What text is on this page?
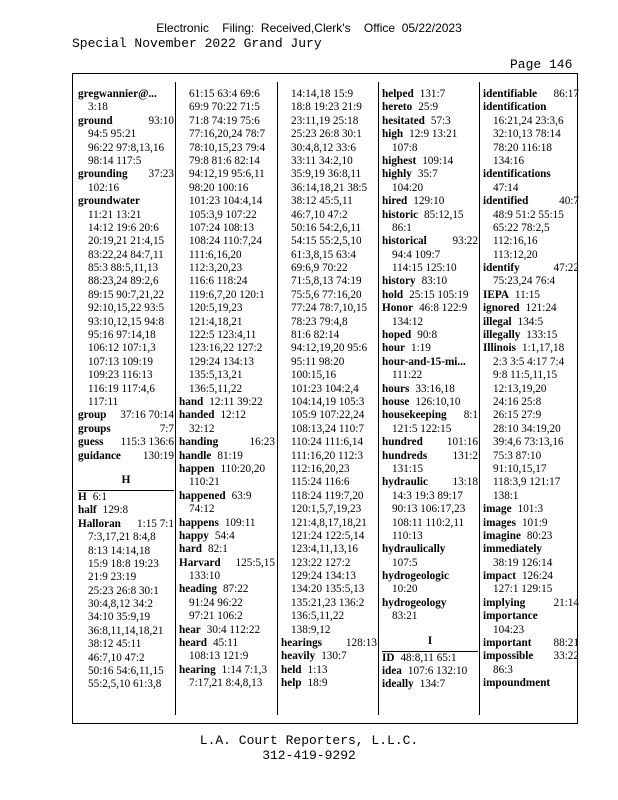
Electronic    Filing:  Received,Clerk's    Office  05/22/2023
Special November 2022 Grand Jury
Page 146
gregwannier@...
3:18
ground	93:10
94:5 95:21
96:22 97:8,13,16
98:14 117:5
grounding 37:23
102:16
groundwater
11:21 13:21
14:12 19:6 20:6
20:19,21 21:4,15
83:22,24 84:7,11
85:3 88:5,11,13
88:23,24 89:2,6
89:15 90:7,21,22
92:10,15,22 93:5
93:10,12,15 94:8
95:16 97:14,18
106:12 107:1,3
107:13 109:19
109:23 116:13
116:19 117:4,6
117:11
group 37:16 70:14
groups	7:7
guess 115:3 136:6
guidance 130:19
H
H 6:1
half 129:8
Halloran 1:15 7:1
7:3,17,21 8:4,8
8:13 14:14,18
15:9 18:8 19:23
21:9 23:19
25:23 26:8 30:1
30:4,8,12 34:2
34:10 35:9,19
36:8,11,14,18,21
38:12 45:11
46:7,10 47:2
50:16 54:6,11,15
55:2,5,10 61:3,8
61:15 63:4 69:6
69:9 70:22 71:5
71:8 74:19 75:6
77:16,20,24 78:7
78:10,15,23 79:4
79:8 81:6 82:14
94:12,19 95:6,11
98:20 100:16
101:23 104:4,14
105:3,9 107:22
107:24 108:13
108:24 110:7,24
111:6,16,20
112:3,20,23
116:6 118:24
119:6,7,20 120:1
120:5,19,23
121:4,18,21
122:5 123:4,11
123:16,22 127:2
129:24 134:13
135:5,13,21
136:5,11,22
hand 12:11 39:22
handed 12:12
32:12
handing	16:23
handle 81:19
happen 110:20,20
110:21
happened 63:9
74:12
happens 109:11
happy 54:4
hard 82:1
Harvard 125:5,15
133:10
heading 87:22
91:24 96:22
97:21 106:2
hear 30:4 112:22
heard 45:11
108:13 121:9
hearing 1:14 7:1,3
7:17,21 8:4,8,13
14:14,18 15:9
18:8 19:23 21:9
23:11,19 25:18
25:23 26:8 30:1
30:4,8,12 33:6
33:11 34:2,10
35:9,19 36:8,11
36:14,18,21 38:5
38:12 45:5,11
46:7,10 47:2
50:16 54:2,6,11
54:15 55:2,5,10
61:3,8,15 63:4
69:6,9 70:22
71:5,8,13 74:19
75:5,6 77:16,20
77:24 78:7,10,15
78:23 79:4,8
81:6 82:14
94:12,19,20 95:6
95:11 98:20
100:15,16
101:23 104:2,4
104:14,19 105:3
105:9 107:22,24
108:13,24 110:7
110:24 111:6,14
111:16,20 112:3
112:16,20,23
115:24 116:6
118:24 119:7,20
120:1,5,7,19,23
121:4,8,17,18,21
121:24 122:5,14
123:4,11,13,16
123:22 127:2
129:24 134:13
134:20 135:5,13
135:21,23 136:2
136:5,11,22
138:9,12
hearings 128:13
heavily 130:7
held 1:13
help 18:9
helped 131:7
hereto 25:9
hesitated 57:3
high 12:9 13:21
107:8
highest 109:14
highly 35:7
104:20
hired 129:10
historic 85:12,15
86:1
historical 93:22
94:4 109:7
114:15 125:10
history 83:10
hold 25:15 105:19
Honor 46:8 122:9
134:12
hoped 90:8
hour 1:19
hour-and-15-mi...
111:22
hours 33:16,18
house 126:10,10
housekeeping 8:1
121:5 122:15
hundred 101:16
hundreds 131:2
131:15
hydraulic 13:18
14:3 19:3 89:17
90:13 106:17,23
108:11 110:2,11
110:13
hydraulically
107:5
hydrogeologic
10:20
hydrogeology
83:21
I
ID 48:8,11 65:1
idea 107:6 132:10
ideally 134:7
identifiable 86:17
identification
16:21,24 23:3,6
32:10,13 78:14
78:20 116:18
134:16
identifications
47:14
identified	40:7
48:9 51:2 55:15
65:22 78:2,5
112:16,16
113:12,20
identify	47:22
75:23,24 76:4
IEPA 11:15
ignored 121:24
illegal 134:5
illegally 133:15
Illinois 1:1,17,18
2:3 3:5 4:17 7:4
9:8 11:5,11,15
12:13,19,20
24:16 25:8
26:15 27:9
28:10 34:19,20
39:4,6 73:13,16
75:3 87:10
91:10,15,17
118:3,9 121:17
138:1
image 101:3
images 101:9
imagine 80:23
immediately
38:19 126:14
impact 126:24
127:1 129:15
implying	21:14
importance
104:23
important 88:21
impossible 33:22
86:3
impoundment
L.A. Court Reporters, L.L.C.
312-419-9292
